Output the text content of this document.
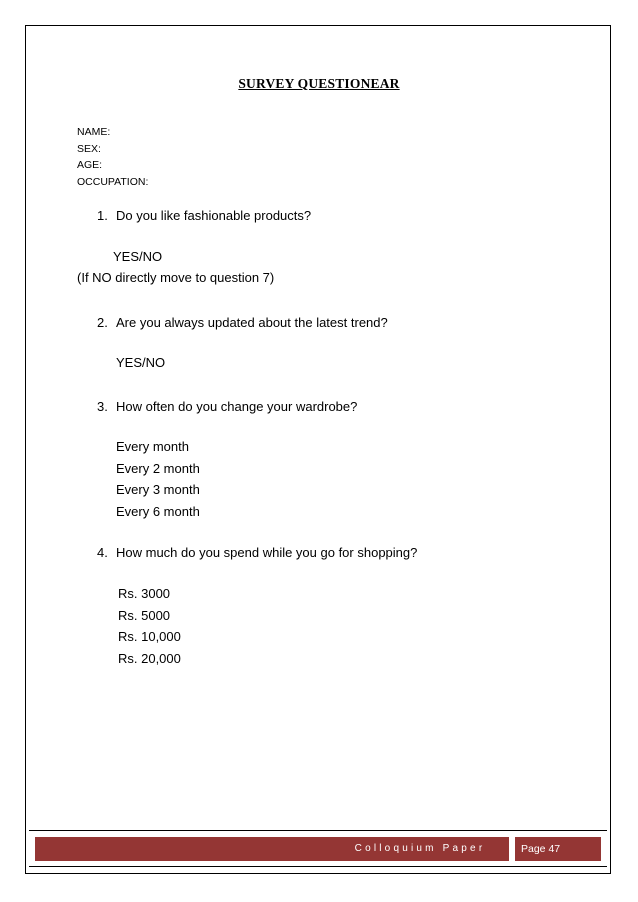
SURVEY QUESTIONEAR
NAME:
SEX:
AGE:
OCCUPATION:
1. Do you like fashionable products?
YES/NO
(If NO directly move to question 7)
2. Are you always updated about the latest trend?
YES/NO
3. How often do you change your wardrobe?
Every month
Every 2 month
Every 3 month
Every 6 month
4. How much do you spend while you go for shopping?
Rs. 3000
Rs. 5000
Rs. 10,000
Rs. 20,000
Colloquium Paper	Page 47
